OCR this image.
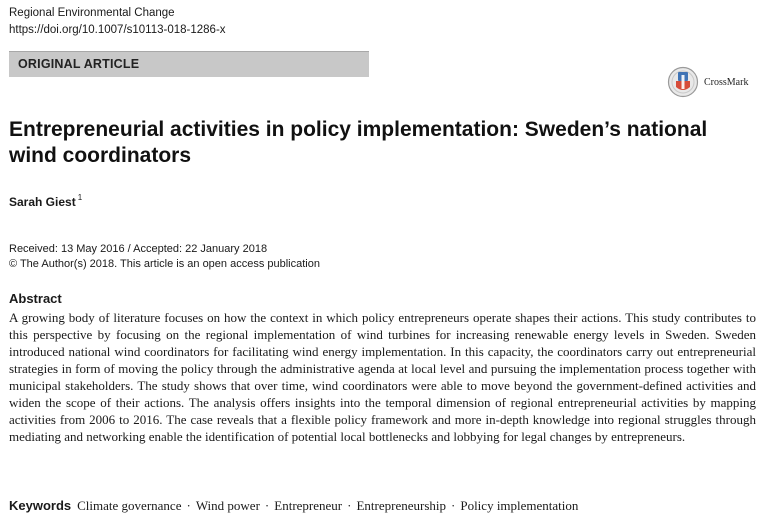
Regional Environmental Change
https://doi.org/10.1007/s10113-018-1286-x
ORIGINAL ARTICLE
CrossMark
Entrepreneurial activities in policy implementation: Sweden’s national wind coordinators
Sarah Giest $^1$
Received: 13 May 2016 / Accepted: 22 January 2018
© The Author(s) 2018. This article is an open access publication
Abstract
A growing body of literature focuses on how the context in which policy entrepreneurs operate shapes their actions. This study contributes to this perspective by focusing on the regional implementation of wind turbines for increasing renewable energy levels in Sweden. Sweden introduced national wind coordinators for facilitating wind energy implementation. In this capacity, the coordinators carry out entrepreneurial strategies in form of moving the policy through the administrative agenda at local level and pursuing the implementation process together with municipal stakeholders. The study shows that over time, wind coordinators were able to move beyond the government-defined activities and widen the scope of their actions. The analysis offers insights into the temporal dimension of regional entrepreneurial activities by mapping activities from 2006 to 2016. The case reveals that a flexible policy framework and more in-depth knowledge into regional struggles through mediating and networking enable the identification of potential local bottlenecks and lobbying for legal changes by entrepreneurs.
Keywords Climate governance · Wind power · Entrepreneur · Entrepreneurship · Policy implementation
